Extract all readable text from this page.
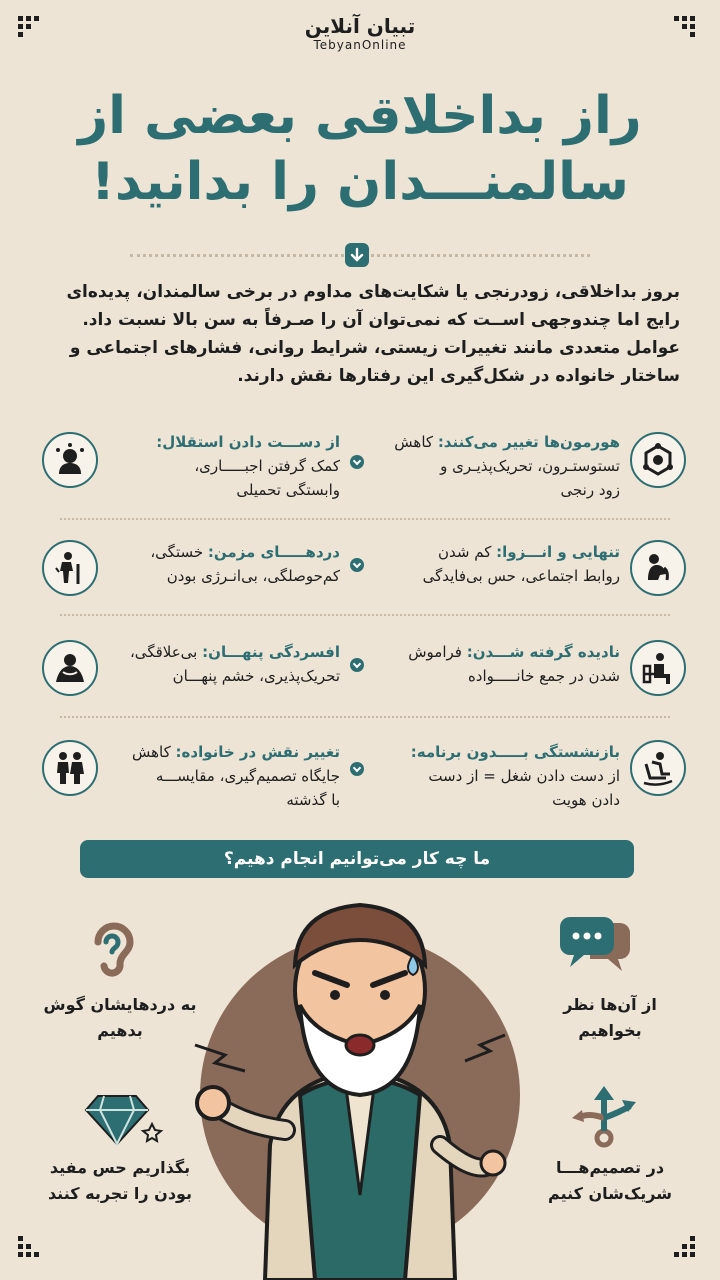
تبیان آنلاین
TebyanOnline
راز بداخلاقی بعضی از
سالمنـــدان را بدانید!
بروز بداخلاقی، زودرنجی یا شکایت‌های مداوم در برخی سالمندان، پدیده‌ای
رایج اما چندوجهی اســت که نمی‌توان آن را صـرفاً به سن بالا نسبت داد.
عوامل متعددی مانند تغییرات زیستی، شرایط روانی، فشارهای اجتماعی و
ساختار خانواده در شکل‌گیری این رفتارها نقش دارند.
هورمون‌ها تغییر می‌کنند: کاهش
تستوستـرون، تحریک‌پذیـری و
زود رنجی
از دســـت دادن استقلال:
کمک گرفتن اجبـــــاری،
وابستگی تحمیلی
تنهایی و انـــزوا: کم شدن
روابط اجتماعی، حس بی‌فایدگی
دردهـــــای مزمن: خستگی،
کم‌حوصلگی، بی‌انـرژی بودن
نادیده گرفته شـــدن: فراموش
شدن در جمع خانـــــواده
افسردگی پنهـــان: بی‌علاقگی،
تحریک‌پذیری، خشم پنهـــان
بازنشستگی بـــــدون برنامه:
از دست دادن شغل = از دست
دادن هویت
تغییر نقش در خانواده: کاهش
جایگاه تصمیم‌گیری، مقایســـه
با گذشته
ما چه کار می‌توانیم انجام دهیم؟
از آن‌ها نظر بخواهیم
به دردهایشان گوش بدهیم
در تصمیم‌هـــا شریک‌شان کنیم
بگذاریم حس مفید بودن را تجربه کنند
